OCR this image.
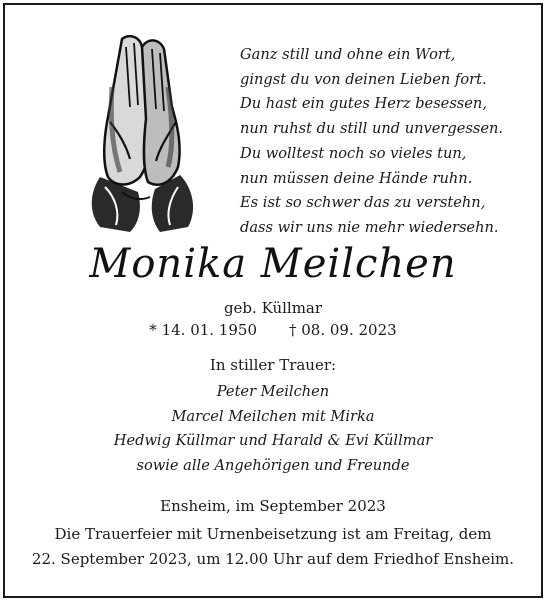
Ganz still und ohne ein Wort,
gingst du von deinen Lieben fort.
Du hast ein gutes Herz besessen,
nun ruhst du still und unvergessen.
Du wolltest noch so vieles tun,
nun müssen deine Hände ruhn.
Es ist so schwer das zu verstehn,
dass wir uns nie mehr wiedersehn.
Monika Meilchen
geb. Küllmar
* 14. 01. 1950 † 08. 09. 2023
In stiller Trauer:
Peter Meilchen
Marcel Meilchen mit Mirka
Hedwig Küllmar und Harald & Evi Küllmar
sowie alle Angehörigen und Freunde
Ensheim, im September 2023
Die Trauerfeier mit Urnenbeisetzung ist am Freitag, dem
22. September 2023, um 12.00 Uhr auf dem Friedhof Ensheim.
